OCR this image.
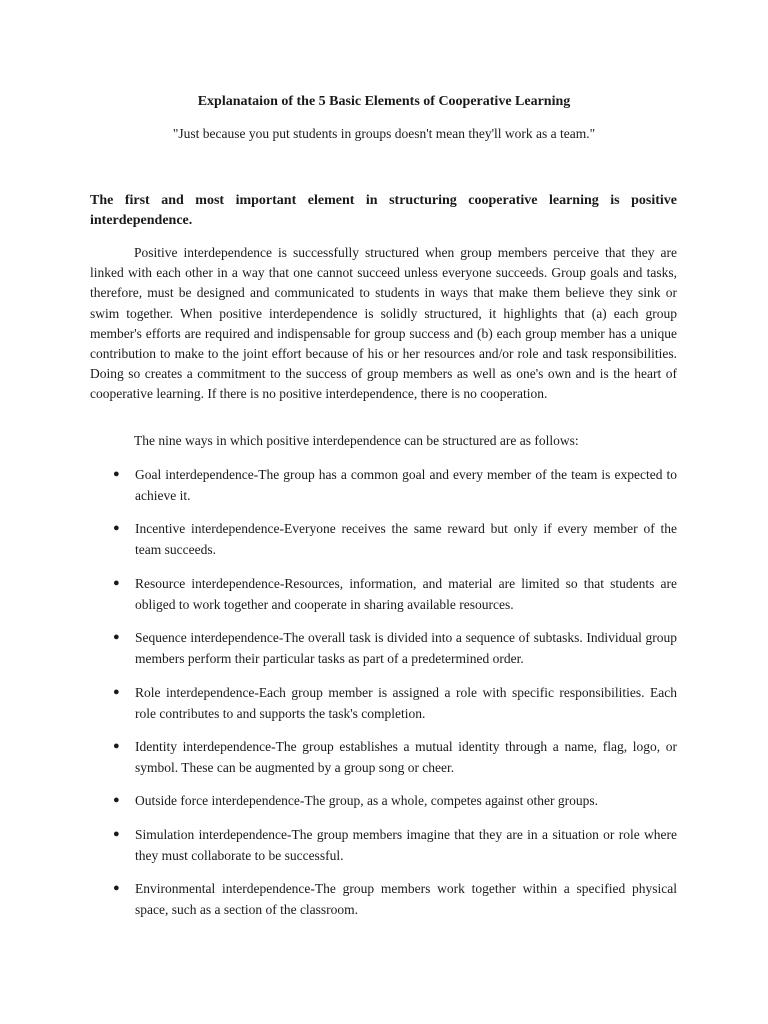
Explanataion of the 5 Basic Elements of Cooperative Learning
"Just because you put students in groups doesn't mean they'll work as a team."
The first and most important element in structuring cooperative learning is positive interdependence.
Positive interdependence is successfully structured when group members perceive that they are linked with each other in a way that one cannot succeed unless everyone succeeds. Group goals and tasks, therefore, must be designed and communicated to students in ways that make them believe they sink or swim together. When positive interdependence is solidly structured, it highlights that (a) each group member's efforts are required and indispensable for group success and (b) each group member has a unique contribution to make to the joint effort because of his or her resources and/or role and task responsibilities. Doing so creates a commitment to the success of group members as well as one's own and is the heart of cooperative learning. If there is no positive interdependence, there is no cooperation.
The nine ways in which positive interdependence can be structured are as follows:
● Goal interdependence-The group has a common goal and every member of the team is expected to achieve it.
● Incentive interdependence-Everyone receives the same reward but only if every member of the team succeeds.
● Resource interdependence-Resources, information, and material are limited so that students are obliged to work together and cooperate in sharing available resources.
● Sequence interdependence-The overall task is divided into a sequence of subtasks. Individual group members perform their particular tasks as part of a predetermined order.
● Role interdependence-Each group member is assigned a role with specific responsibilities. Each role contributes to and supports the task's completion.
● Identity interdependence-The group establishes a mutual identity through a name, flag, logo, or symbol. These can be augmented by a group song or cheer.
● Outside force interdependence-The group, as a whole, competes against other groups.
● Simulation interdependence-The group members imagine that they are in a situation or role where they must collaborate to be successful.
● Environmental interdependence-The group members work together within a specified physical space, such as a section of the classroom.
